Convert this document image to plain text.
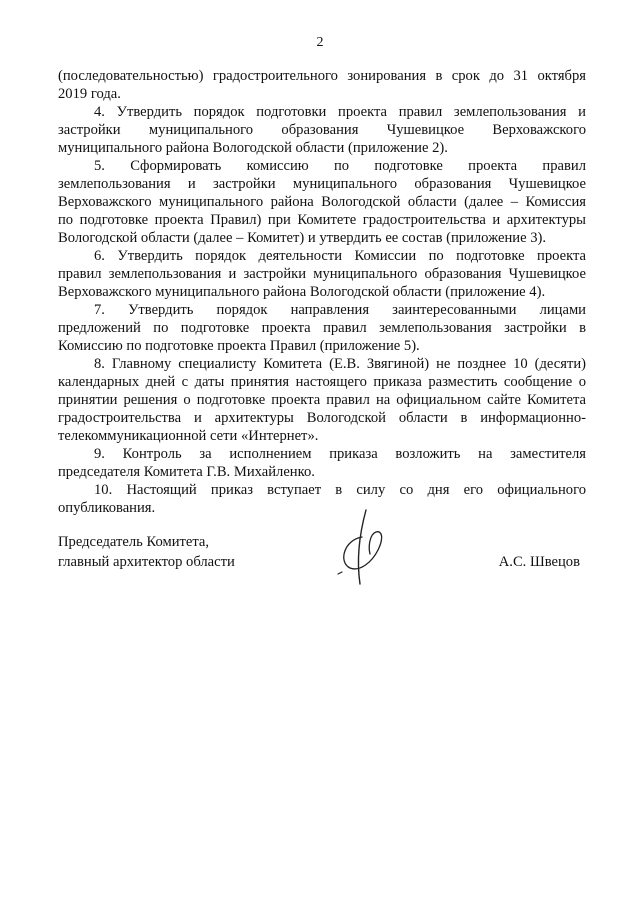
2
(последовательностью) градостроительного зонирования в срок до 31 октября
2019 года.
4. Утвердить порядок подготовки проекта правил землепользования и
застройки муниципального образования Чушевицкое Верховажского
муниципального района Вологодской области (приложение 2).
5. Сформировать комиссию по подготовке проекта правил
землепользования и застройки муниципального образования Чушевицкое
Верховажского муниципального района Вологодской области (далее – Комиссия
по подготовке проекта Правил) при Комитете градостроительства и архитектуры
Вологодской области (далее – Комитет) и утвердить ее состав (приложение 3).
6. Утвердить порядок деятельности Комиссии по подготовке проекта
правил землепользования и застройки муниципального образования Чушевицкое
Верховажского муниципального района Вологодской области (приложение 4).
7. Утвердить порядок направления заинтересованными лицами
предложений по подготовке проекта правил землепользования застройки в
Комиссию по подготовке проекта Правил (приложение 5).
8. Главному специалисту Комитета (Е.В. Звягиной) не позднее 10 (десяти)
календарных дней с даты принятия настоящего приказа разместить сообщение о
принятии решения о подготовке проекта правил на официальном сайте Комитета
градостроительства и архитектуры Вологодской области в информационно-
телекоммуникационной сети «Интернет».
9. Контроль за исполнением приказа возложить на заместителя
председателя Комитета Г.В. Михайленко.
10. Настоящий приказ вступает в силу со дня его официального
опубликования.
Председатель Комитета,
главный архитектор области	А.С. Швецов
